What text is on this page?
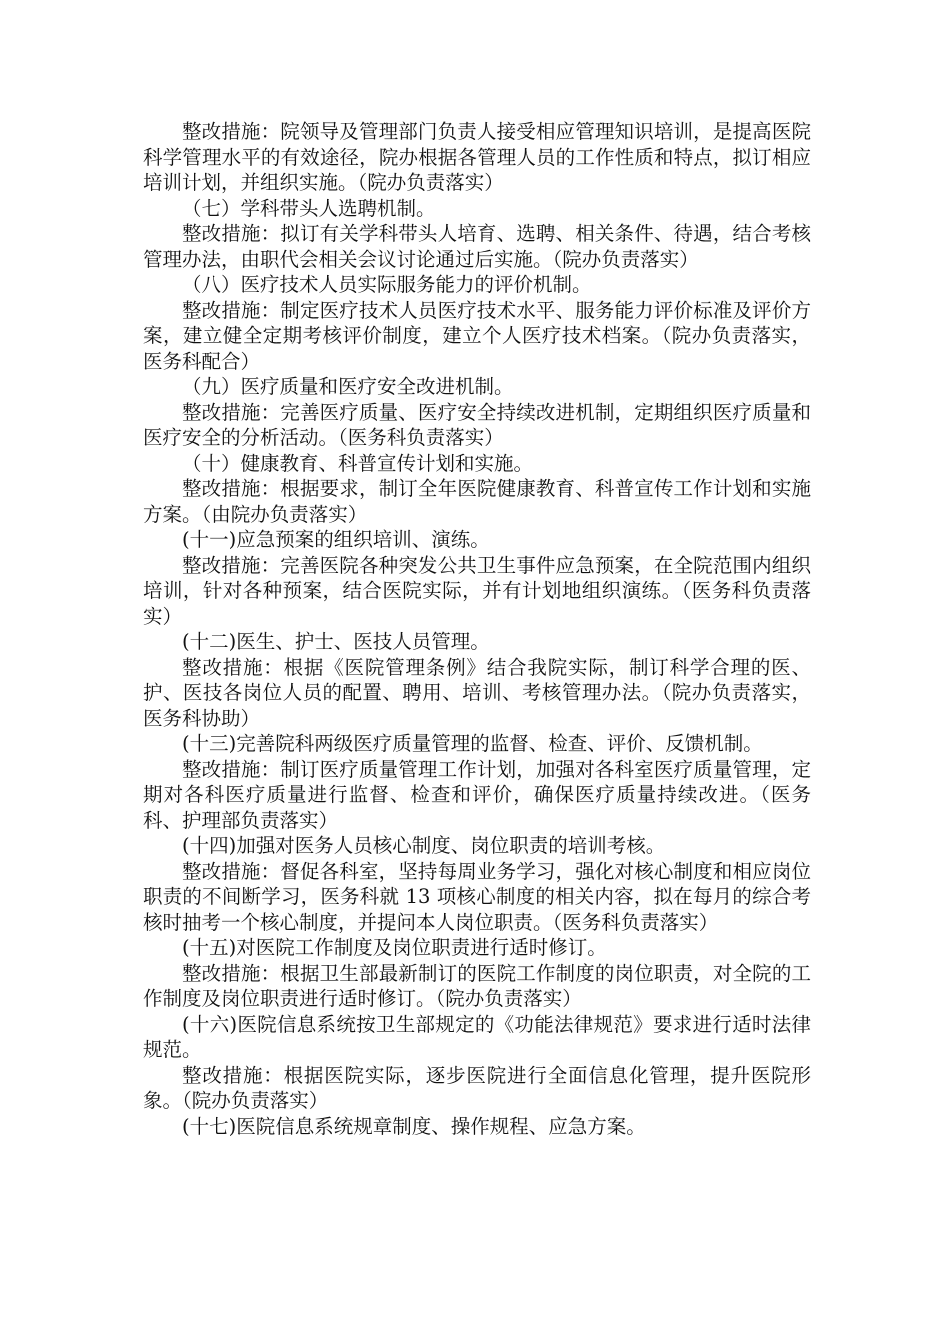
整改措施：院领导及管理部门负责人接受相应管理知识培训，是提高医院科学管理水平的有效途径，院办根据各管理人员的工作性质和特点，拟订相应培训计划，并组织实施。（院办负责落实）

（七）学科带头人选聘机制。

整改措施：拟订有关学科带头人培育、选聘、相关条件、待遇，结合考核管理办法，由职代会相关会议讨论通过后实施。（院办负责落实）

（八）医疗技术人员实际服务能力的评价机制。

整改措施：制定医疗技术人员医疗技术水平、服务能力评价标准及评价方案，建立健全定期考核评价制度，建立个人医疗技术档案。（院办负责落实，医务科配合）

（九）医疗质量和医疗安全改进机制。

整改措施：完善医疗质量、医疗安全持续改进机制，定期组织医疗质量和医疗安全的分析活动。（医务科负责落实）

（十）健康教育、科普宣传计划和实施。

整改措施：根据要求，制订全年医院健康教育、科普宣传工作计划和实施方案。（由院办负责落实）

(十一)应急预案的组织培训、演练。

整改措施：完善医院各种突发公共卫生事件应急预案，在全院范围内组织培训，针对各种预案，结合医院实际，并有计划地组织演练。（医务科负责落实）

(十二)医生、护士、医技人员管理。

整改措施：根据《医院管理条例》结合我院实际，制订科学合理的医、护、医技各岗位人员的配置、聘用、培训、考核管理办法。（院办负责落实，医务科协助）

(十三)完善院科两级医疗质量管理的监督、检查、评价、反馈机制。

整改措施：制订医疗质量管理工作计划，加强对各科室医疗质量管理，定期对各科医疗质量进行监督、检查和评价，确保医疗质量持续改进。（医务科、护理部负责落实）

(十四)加强对医务人员核心制度、岗位职责的培训考核。

整改措施：督促各科室，坚持每周业务学习，强化对核心制度和相应岗位职责的不间断学习，医务科就 13 项核心制度的相关内容，拟在每月的综合考核时抽考一个核心制度，并提问本人岗位职责。（医务科负责落实）

(十五)对医院工作制度及岗位职责进行适时修订。

整改措施：根据卫生部最新制订的医院工作制度的岗位职责，对全院的工作制度及岗位职责进行适时修订。（院办负责落实）

(十六)医院信息系统按卫生部规定的《功能法律规范》要求进行适时法律规范。

整改措施：根据医院实际，逐步医院进行全面信息化管理，提升医院形象。（院办负责落实）

(十七)医院信息系统规章制度、操作规程、应急方案。
